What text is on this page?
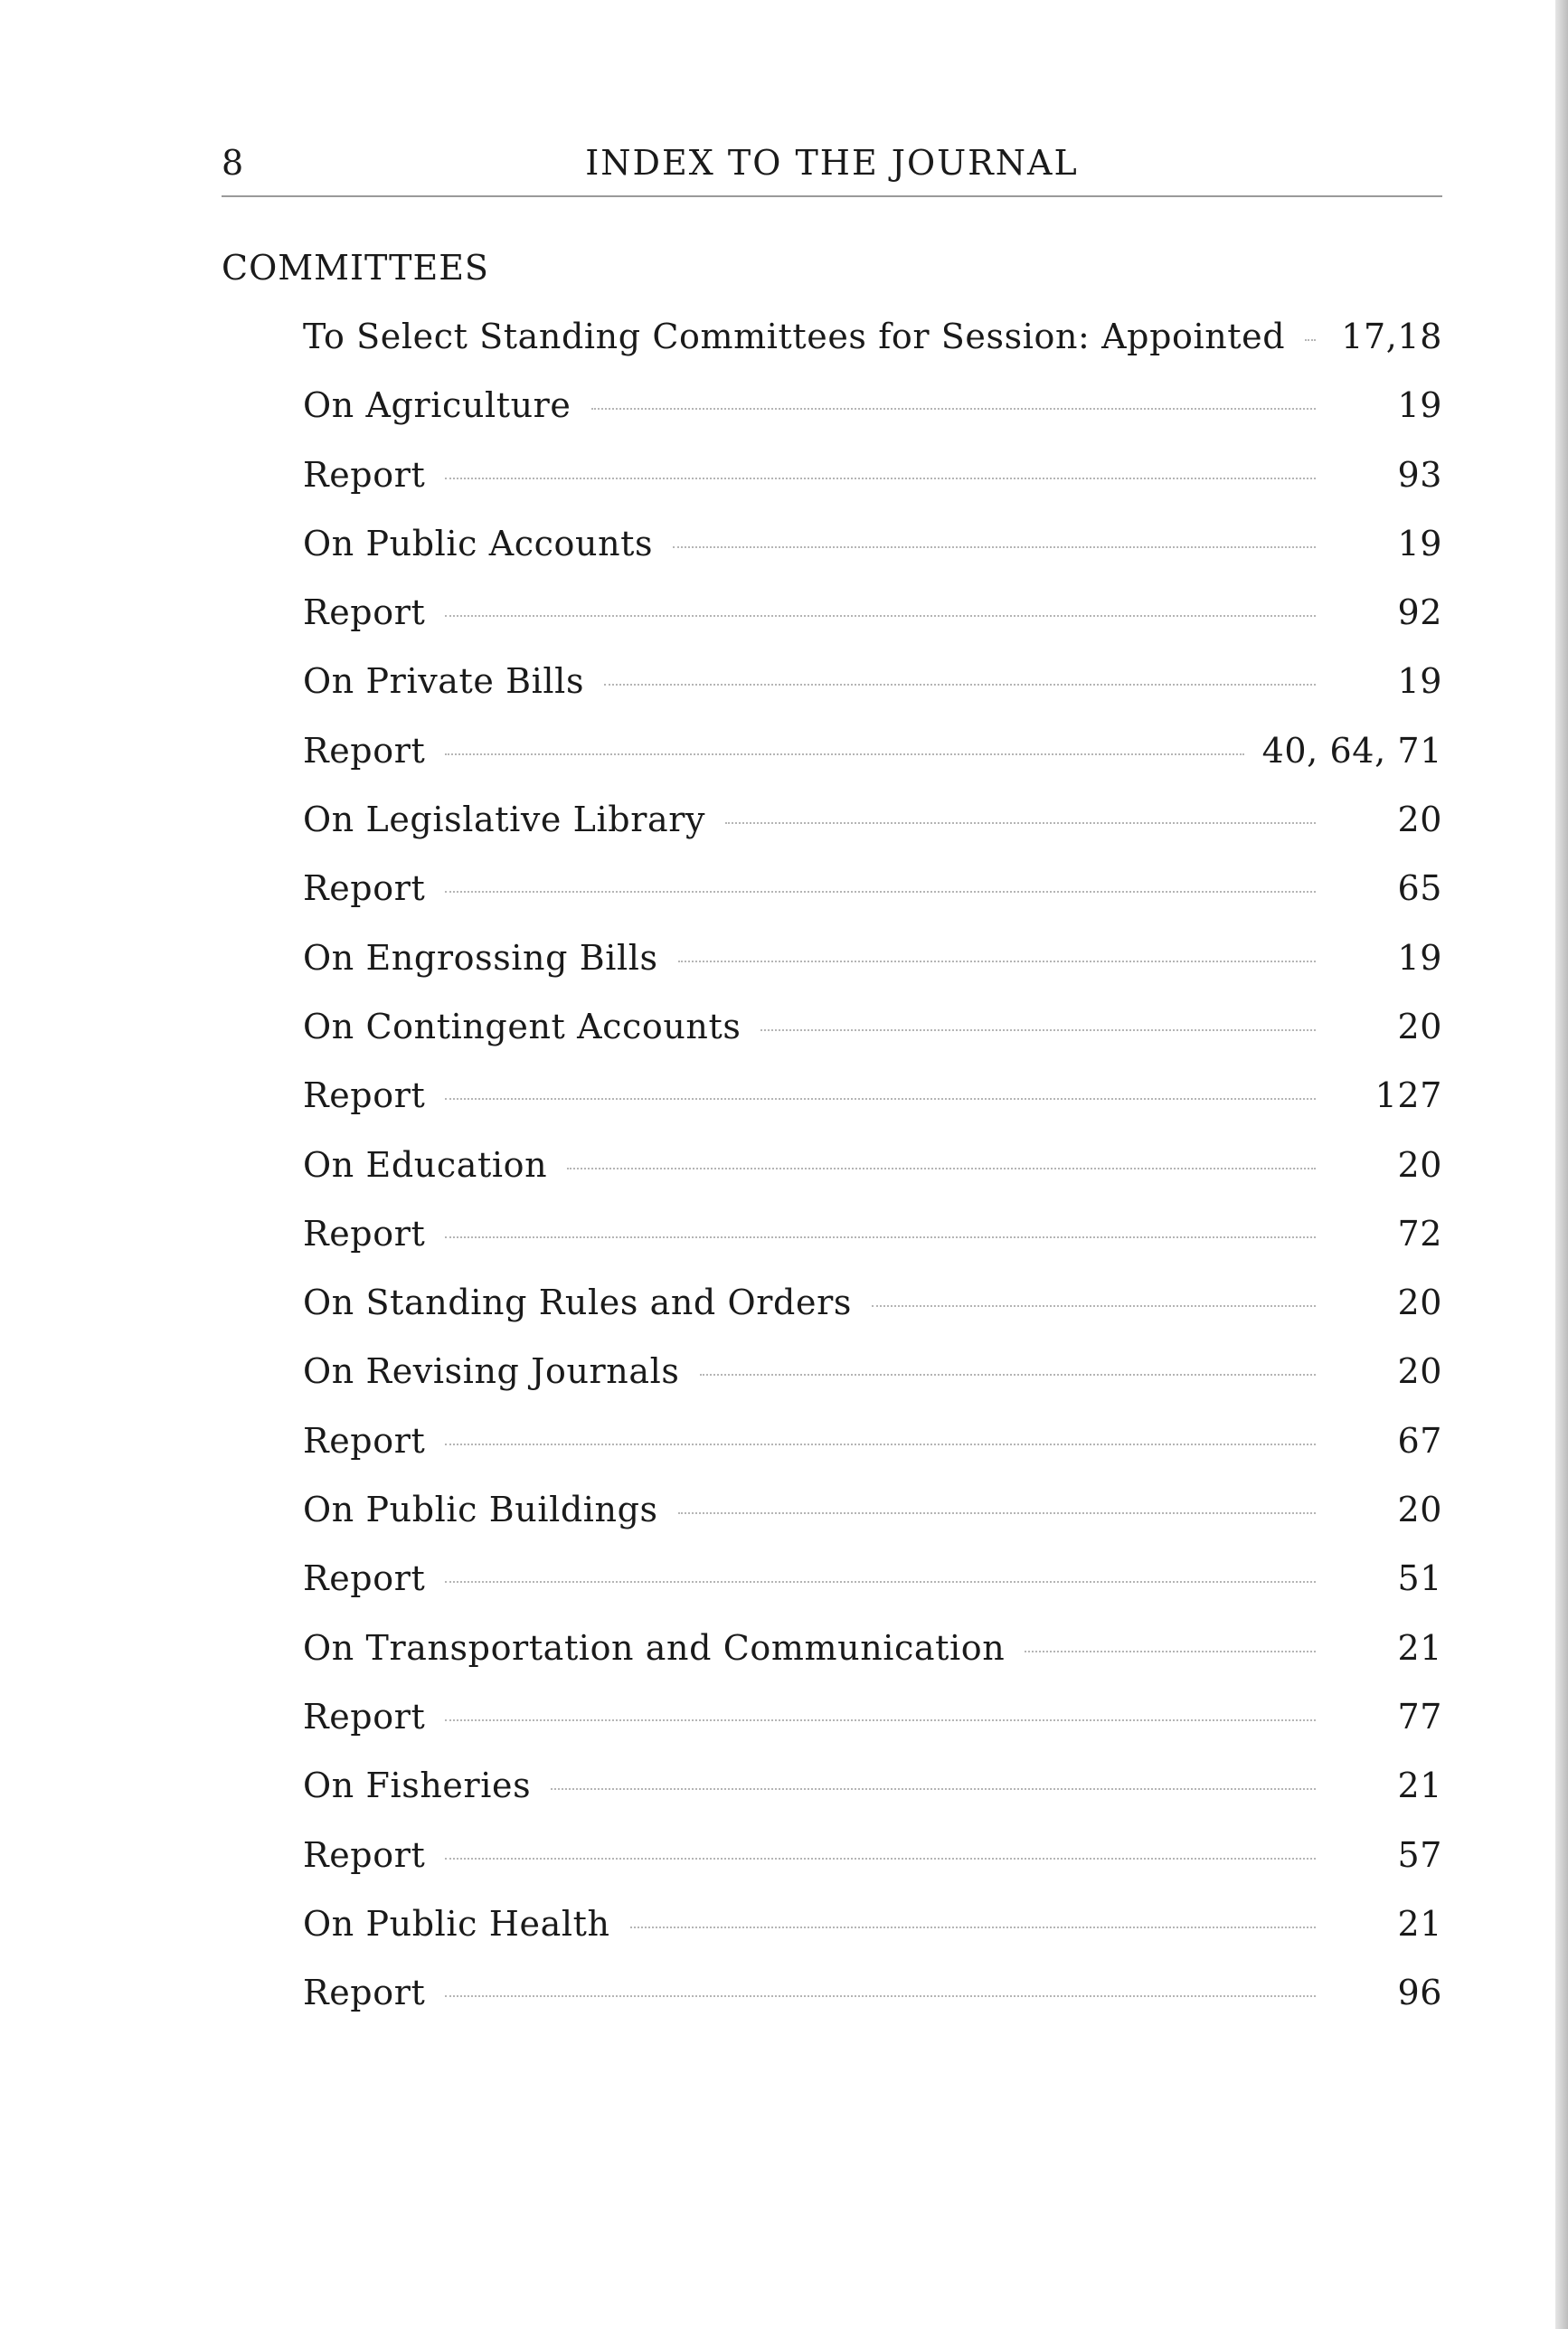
8	INDEX TO THE JOURNAL
COMMITTEES
To Select Standing Committees for Session: Appointed 17,18
On Agriculture	19
Report	93
On Public Accounts	19
Report	92
On Private Bills	19
Report	40, 64, 71
On Legislative Library	20
Report	65
On Engrossing Bills	19
On Contingent Accounts	20
Report	127
On Education	20
Report	72
On Standing Rules and Orders	20
On Revising Journals	20
Report	67
On Public Buildings	20
Report	51
On Transportation and Communication	21
Report	77
On Fisheries	21
Report	57
On Public Health	21
Report	96
